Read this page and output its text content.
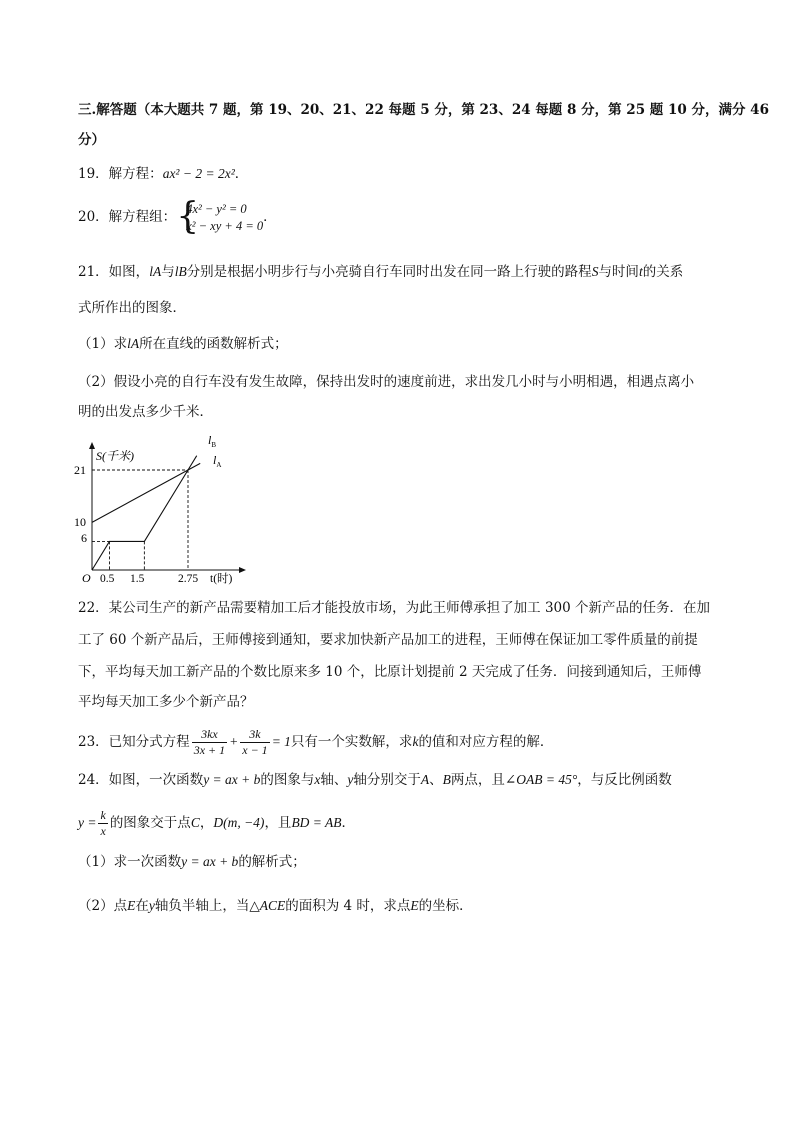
三.解答题（本大题共 7 题，第 19、20、21、22 每题 5 分，第 23、24 每题 8 分，第 25 题 10 分，满分 46
分）
19．解方程：ax² − 2 = 2x²．
20．解方程组： {
4x² − y² = 0
x² − xy + 4 = 0
．
21．如图，lA与lB分别是根据小明步行与小亮骑自行车同时出发在同一路上行驶的路程S与时间t的关系
式所作出的图象．
（1）求lA所在直线的函数解析式；
（2）假设小亮的自行车没有发生故障，保持出发时的速度前进，求出发几小时与小明相遇，相遇点离小
明的出发点多少千米．
S(千米)
t(时)
O
21
10
6
0.5 1.5	2.75
$l_B$
$l_A$
22．某公司生产的新产品需要精加工后才能投放市场，为此王师傅承担了加工 300 个新产品的任务．在加
工了 60 个新产品后，王师傅接到通知，要求加快新产品加工的进程，王师傅在保证加工零件质量的前提
下，平均每天加工新产品的个数比原来多 10 个，比原计划提前 2 天完成了任务．问接到通知后，王师傅
平均每天加工多少个新产品？
23．已知分式方程 $\frac{3kx}{3x + 1} + \frac{3k}{x - 1} = 1$只有一个实数解，求k的值和对应方程的解．
24．如图，一次函数y = ax + b的图象与x轴、y轴分别交于A、B两点，且∠OAB = 45°，与反比例函数
$y = \frac{k}{x}$ 的图象交于点C，D(m, −4)，且BD = AB．
（1）求一次函数y = ax + b的解析式；
（2）点E在y轴负半轴上，当△ACE的面积为 4 时，求点E的坐标．
